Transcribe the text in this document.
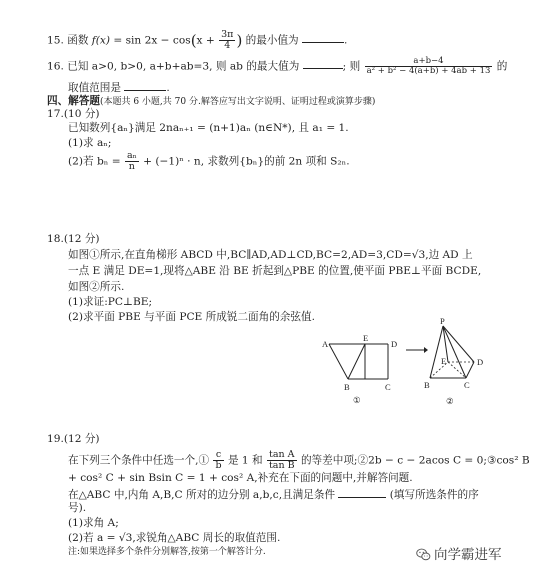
15. 函数 $f(x) = \sin 2x - \cos(x + \frac{3\pi}{4}$ ) 的最小值为	.
16. 已知 a>0, b>0, a+b+ab=3, 则 ab 的最大值为	; 则 $\frac{a+b-4}{\text{a² + b² − 4(a+b) + 4ab + 13}}$ 的
取值范围是	.
四、解答题(本题共 6 小题,共 70 分.解答应写出文字说明、证明过程或演算步骤)
17.(10 分)
已知数列{aₙ}满足 2naₙ₊₁ = (n+1)aₙ (n∈N*), 且 a₁ = 1.
(1)求 aₙ;
(2)若 $b_n = \frac{\text{aₙ}}{n} + (-1)^n \cdot n$, 求数列{bₙ}的前 2n 项和 S₂ₙ.
18.(12 分)
如图①所示,在直角梯形 ABCD 中,BC∥AD,AD⊥CD,BC=2,AD=3,CD=√3,边 AD 上
一点 E 满足 DE=1,现将△ABE 沿 BE 折起到△PBE 的位置,使平面 PBE⊥平面 BCDE,
如图②所示.
(1)求证:PC⊥BE;
(2)求平面 PBE 与平面 PCE 所成锐二面角的余弦值.
A
E
D
B	C
①
P
E	D
B	C
②
19.(12 分)
在下列三个条件中任选一个,① $\frac{c}{b}$ 是 1 和 $\frac{\text{tan A}}{\text{tan B}}$ 的等差中项;②2b − c − 2acos C = 0;③cos² B
+ cos² C + sin Bsin C = 1 + cos² A,补充在下面的问题中,并解答问题.
在△ABC 中,内角 A,B,C 所对的边分别 a,b,c,且满足条件	(填写所选条件的序
号).
(1)求角 A;
(2)若 a = √3,求锐角△ABC 周长的取值范围.
注:如果选择多个条件分别解答,按第一个解答计分.	向学霸进军
